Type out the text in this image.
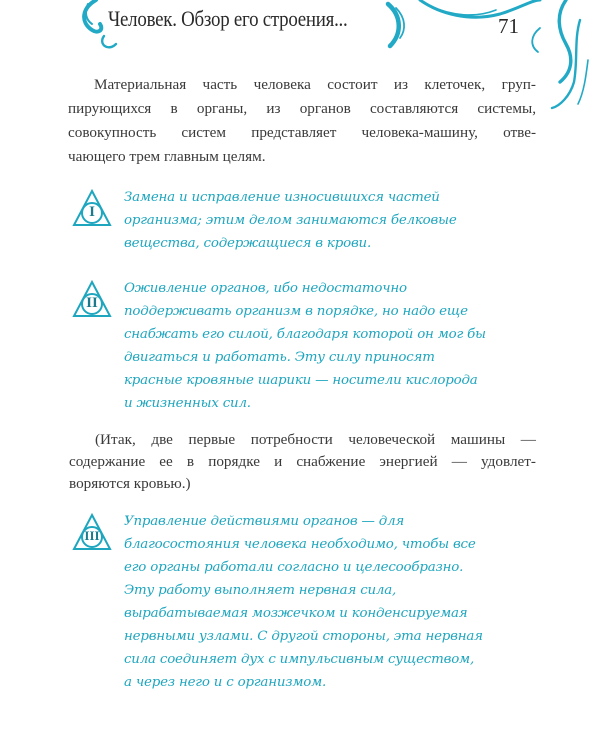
Человек. Обзор его строения...	71
Материальная часть человека состоит из клеточек, груп-
пирующихся в органы, из органов составляются системы,
совокупность систем представляет человека-машину, отве-
чающего трем главным целям.
I
Замена и исправление износившихся частей
организма; этим делом занимаются белковые
вещества, содержащиеся в крови.
II
Оживление органов, ибо недостаточно
поддерживать организм в порядке, но надо еще
снабжать его силой, благодаря которой он мог бы
двигаться и работать. Эту силу приносят
красные кровяные шарики — носители кислорода
и жизненных сил.
(Итак, две первые потребности человеческой машины —
содержание ее в порядке и снабжение энергией — удовлет-
воряются кровью.)
III
Управление действиями органов — для
благосостояния человека необходимо, чтобы все
его органы работали согласно и целесообразно.
Эту работу выполняет нервная сила,
вырабатываемая мозжечком и конденсируемая
нервными узлами. С другой стороны, эта нервная
сила соединяет дух с импульсивным существом,
а через него и с организмом.
